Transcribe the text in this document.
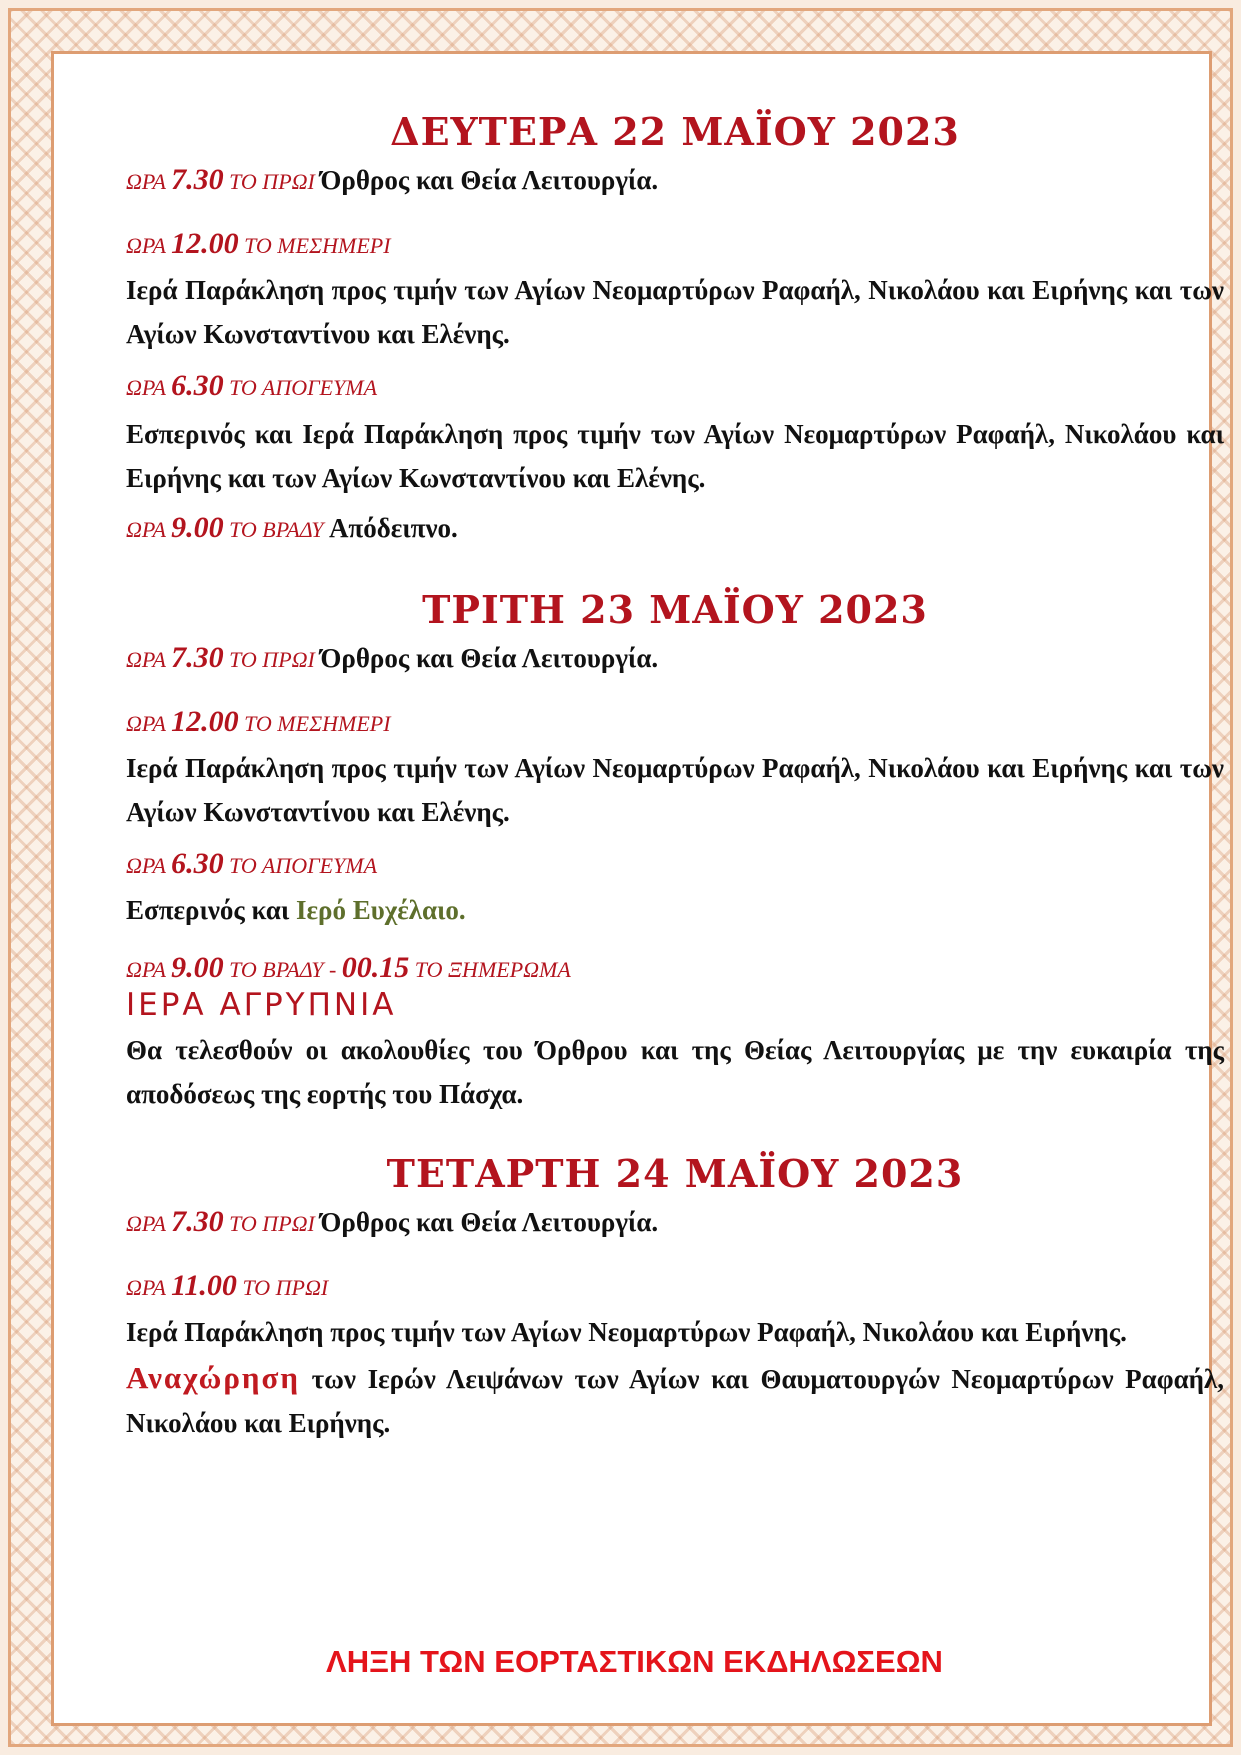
ΔΕΥΤΕΡΑ 22 ΜΑΪΟΥ 2023

ΩΡΑ 7.30 ΤΟ ΠΡΩΙ Όρθρος και Θεία Λειτουργία.

ΩΡΑ 12.00 ΤΟ ΜΕΣΗΜΕΡΙ

Ιερά Παράκληση προς τιμήν των Αγίων Νεομαρτύρων Ραφαήλ, Νικολάου και Ειρήνης και των Αγίων Κωνσταντίνου και Ελένης.

ΩΡΑ 6.30 ΤΟ ΑΠΟΓΕΥΜΑ

Εσπερινός και Ιερά Παράκληση προς τιμήν των Αγίων Νεομαρτύρων Ραφαήλ, Νικολάου και Ειρήνης και των Αγίων Κωνσταντίνου και Ελένης.

ΩΡΑ 9.00 ΤΟ ΒΡΑΔΥ Απόδειπνο.

ΤΡΙΤΗ 23 ΜΑΪΟΥ 2023

ΩΡΑ 7.30 ΤΟ ΠΡΩΙ Όρθρος και Θεία Λειτουργία.

ΩΡΑ 12.00 ΤΟ ΜΕΣΗΜΕΡΙ

Ιερά Παράκληση προς τιμήν των Αγίων Νεομαρτύρων Ραφαήλ, Νικολάου και Ειρήνης και των Αγίων Κωνσταντίνου και Ελένης.

ΩΡΑ 6.30 ΤΟ ΑΠΟΓΕΥΜΑ

Εσπερινός και Ιερό Ευχέλαιο.

ΩΡΑ 9.00 ΤΟ ΒΡΑΔΥ - 00.15 ΤΟ ΞΗΜΕΡΩΜΑ

ΙΕΡΑ ΑΓΡΥΠΝΙΑ

Θα τελεσθούν οι ακολουθίες του Όρθρου και της Θείας Λειτουργίας με την ευκαιρία της αποδόσεως της εορτής του Πάσχα.

ΤΕΤΑΡΤΗ 24 ΜΑΪΟΥ 2023

ΩΡΑ 7.30 ΤΟ ΠΡΩΙ Όρθρος και Θεία Λειτουργία.

ΩΡΑ 11.00 ΤΟ ΠΡΩΙ

Ιερά Παράκληση προς τιμήν των Αγίων Νεομαρτύρων Ραφαήλ, Νικολάου και Ειρήνης.

Αναχώρηση των Ιερών Λειψάνων των Αγίων και Θαυματουργών Νεομαρτύρων Ραφαήλ, Νικολάου και Ειρήνης.

ΛΗΞΗ ΤΩΝ ΕΟΡΤΑΣΤΙΚΩΝ ΕΚΔΗΛΩΣΕΩΝ
